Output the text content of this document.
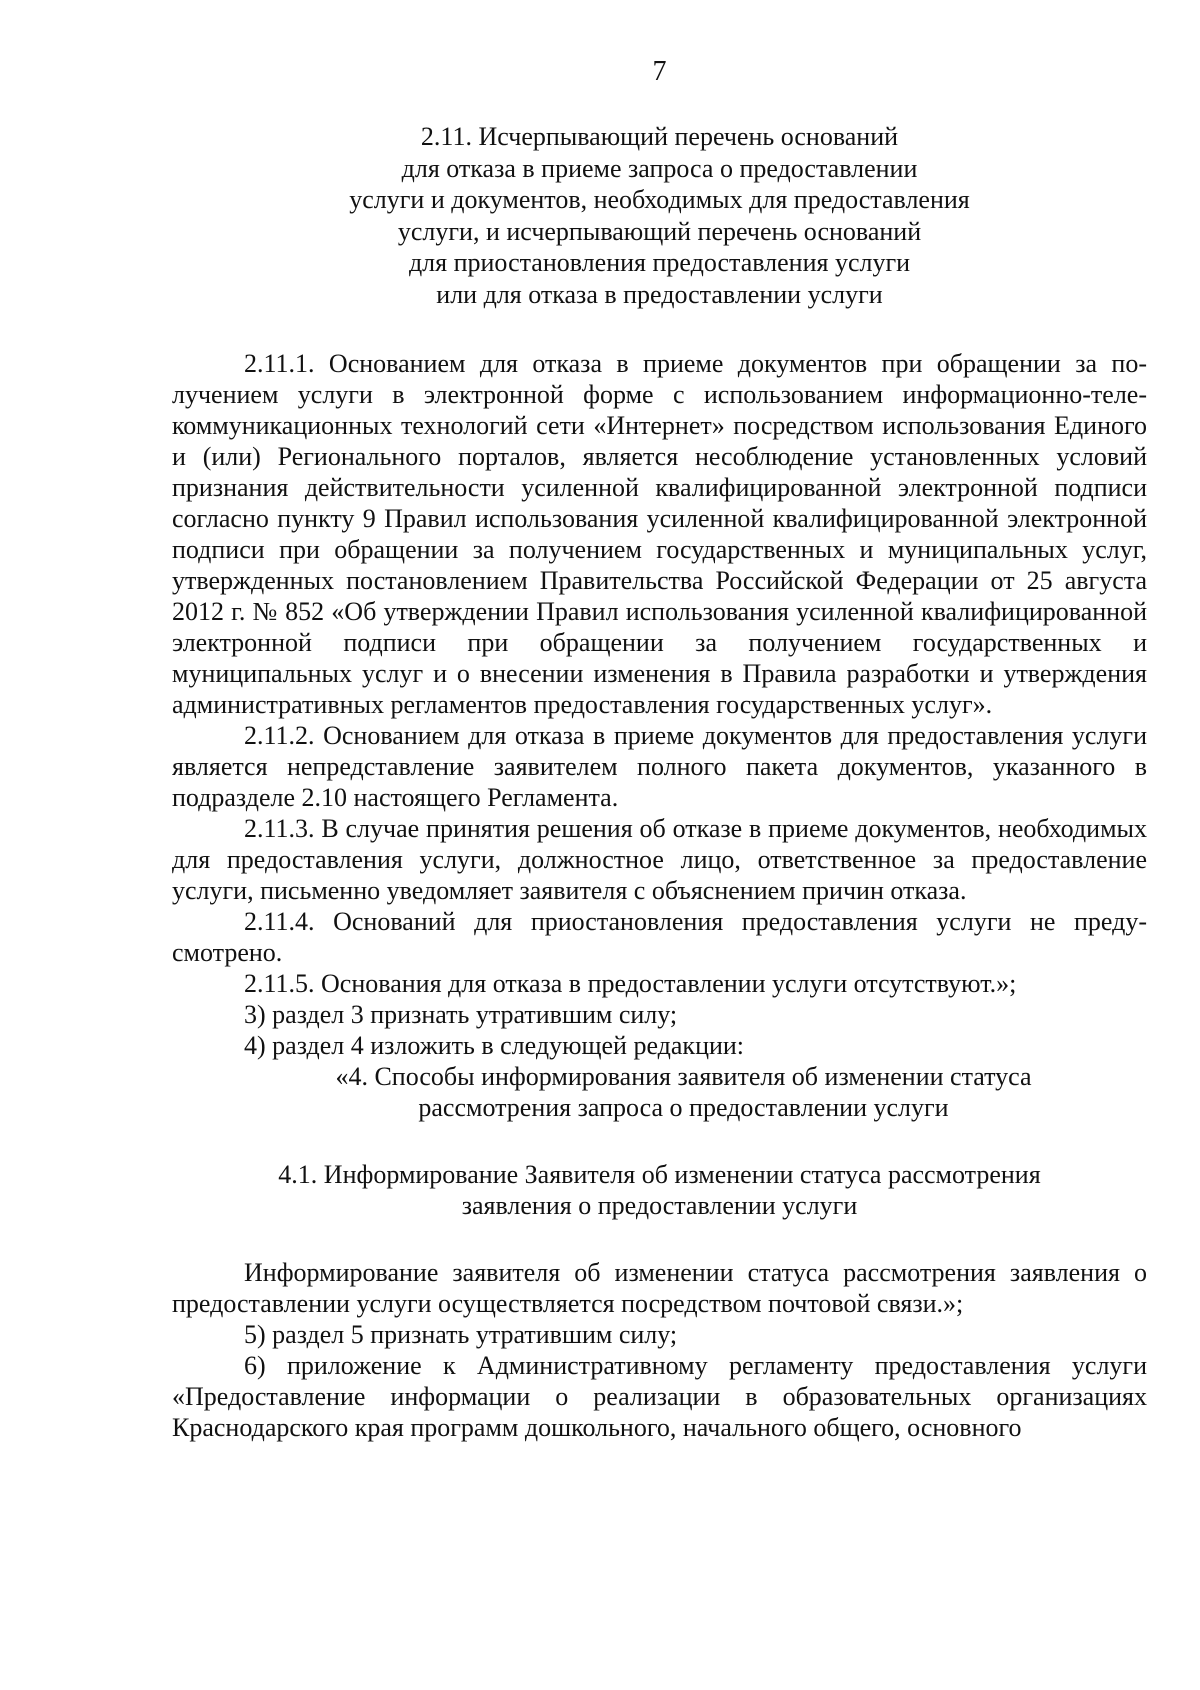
7
2.11. Исчерпывающий перечень оснований
для отказа в приеме запроса о предоставлении
услуги и документов, необходимых для предоставления
услуги, и исчерпывающий перечень оснований
для приостановления предоставления услуги
или для отказа в предоставлении услуги

2.11.1. Основанием для отказа в приеме документов при обращении за получением услуги в электронной форме с использованием информационно-телекоммуникационных технологий сети «Интернет» посредством использования Единого и (или) Регионального порталов, является несоблюдение установленных условий признания действительности усиленной квалифицированной электронной подписи согласно пункту 9 Правил использования усиленной квалифицированной электронной подписи при обращении за получением государственных и муниципальных услуг, утвержденных постановлением Правительства Российской Федерации от 25 августа 2012 г. № 852 «Об утверждении Правил использования усиленной квалифицированной электронной подписи при обращении за получением государственных и муниципальных услуг и о внесении изменения в Правила разработки и утверждения административных регламентов предоставления государственных услуг».

2.11.2. Основанием для отказа в приеме документов для предоставления услуги является непредставление заявителем полного пакета документов, указанного в подразделе 2.10 настоящего Регламента.

2.11.3. В случае принятия решения об отказе в приеме документов, необходимых для предоставления услуги, должностное лицо, ответственное за предоставление услуги, письменно уведомляет заявителя с объяснением причин отказа.

2.11.4. Оснований для приостановления предоставления услуги не предусмотрено.

2.11.5. Основания для отказа в предоставлении услуги отсутствуют.»;

3) раздел 3 признать утратившим силу;

4) раздел 4 изложить в следующей редакции:

«4. Способы информирования заявителя об изменении статуса
рассмотрения запроса о предоставлении услуги
4.1. Информирование Заявителя об изменении статуса рассмотрения
заявления о предоставлении услуги

Информирование заявителя об изменении статуса рассмотрения заявления о предоставлении услуги осуществляется посредством почтовой связи.»;

5) раздел 5 признать утратившим силу;

6) приложение к Административному регламенту предоставления услуги «Предоставление информации о реализации в образовательных организациях Краснодарского края программ дошкольного, начального общего, основного
